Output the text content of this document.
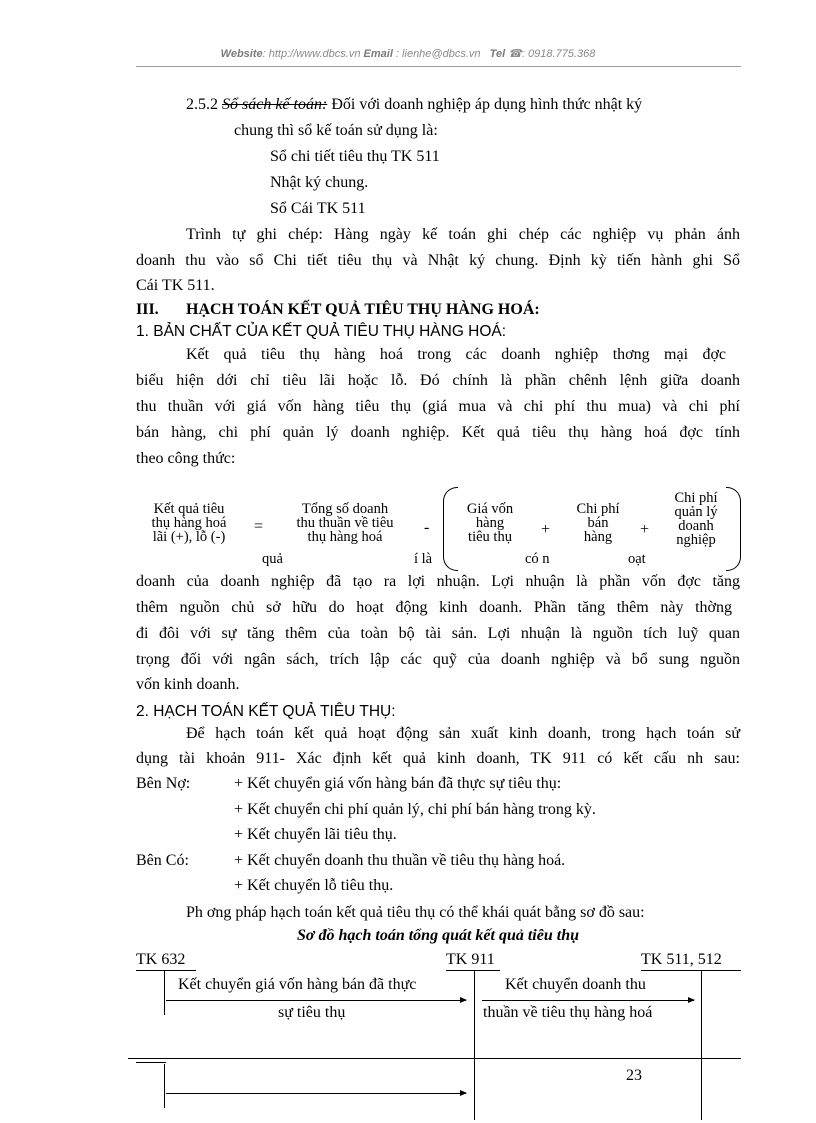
Website: http://www.dbcs.vn Email : lienhe@dbcs.vn Tel ☎: 0918.775.368
2.5.2 Sổ sách kế toán: Đối với doanh nghiệp áp dụng hình thức nhật ký
chung thì sổ kế toán sử dụng là:
Sổ chi tiết tiêu thụ TK 511
Nhật ký chung.
Sổ Cái TK 511
Trình tự ghi chép: Hàng ngày kế toán ghi chép các nghiệp vụ phản ánh
doanh thu vào sổ Chi tiết tiêu thụ và Nhật ký chung. Định kỳ tiến hành ghi Sổ
Cái TK 511.
III. HẠCH TOÁN KẾT QUẢ TIÊU THỤ HÀNG HOÁ:
1. BẢN CHẤT CỦA KẾT QUẢ TIÊU THỤ HÀNG HOÁ:
Kết quả tiêu thụ hàng hoá trong các doanh nghiệp thơng mại đợc
biểu hiện dới chỉ tiêu lãi hoặc lỗ. Đó chính là phần chênh lệnh giữa doanh
thu thuần với giá vốn hàng tiêu thụ (giá mua và chi phí thu mua) và chi phí
bán hàng, chi phí quản lý doanh nghiệp. Kết quả tiêu thụ hàng hoá đợc tính
theo công thức:
Kết quả tiêu
thụ hàng hoá
lãi (+), lỗ (-)
=
Tổng số doanh
thu thuần về tiêu
thụ hàng hoá
-
Giá vốn
hàng
tiêu thụ	+
Chi phí
bán
hàng	+
Chi phí
quản lý
doanh
nghiệp
quả	í là	có n	oạt
doanh của doanh nghiệp đã tạo ra lợi nhuận. Lợi nhuận là phần vốn đợc tăng
thêm nguồn chủ sở hữu do hoạt động kinh doanh. Phần tăng thêm này thờng
đi đôi với sự tăng thêm của toàn bộ tài sản. Lợi nhuận là nguồn tích luỹ quan
trọng đối với ngân sách, trích lập các quỹ của doanh nghiệp và bổ sung nguồn
vốn kinh doanh.
2. HẠCH TOÁN KẾT QUẢ TIÊU THỤ:
Để hạch toán kết quả hoạt động sản xuất kinh doanh, trong hạch toán sử
dụng tài khoản 911- Xác định kết quả kinh doanh, TK 911 có kết cấu nh sau:
Bên Nợ:	+ Kết chuyển giá vốn hàng bán đã thực sự tiêu thụ:
+ Kết chuyển chi phí quản lý, chi phí bán hàng trong kỳ.
+ Kết chuyển lãi tiêu thụ.
Bên Có:	+ Kết chuyển doanh thu thuần về tiêu thụ hàng hoá.
+ Kết chuyển lỗ tiêu thụ.
Ph ơng pháp hạch toán kết quả tiêu thụ có thể khái quát bằng sơ đồ sau:
Sơ đồ hạch toán tổng quát kết quả tiêu thụ
TK 632	TK 911	TK 511, 512
Kết chuyển giá vốn hàng bán đã thực
sự tiêu thụ
Kết chuyển doanh thu
thuần về tiêu thụ hàng hoá
23
